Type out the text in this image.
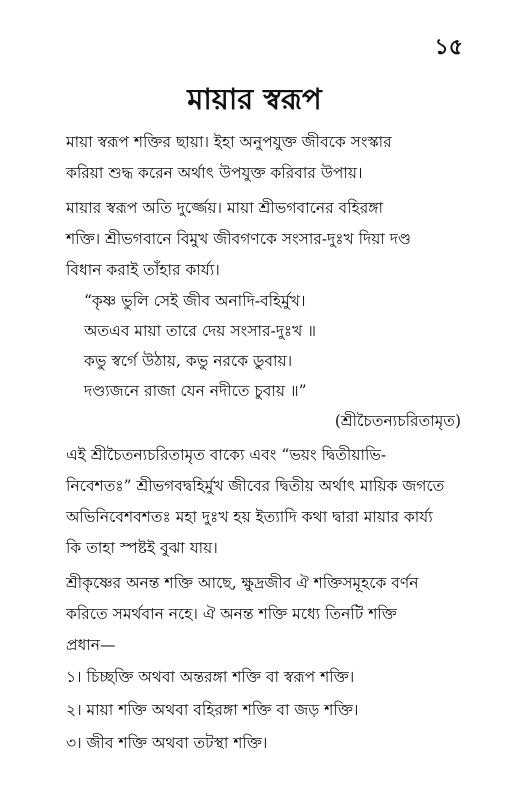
১৫
মায়ার স্বরূপ

মায়া স্বরূপ শক্তির ছায়া। ইহা অনুপযুক্ত জীবকে সংস্কার
করিয়া শুদ্ধ করেন অর্থাৎ উপযুক্ত করিবার উপায়।

মায়ার স্বরূপ অতি দুর্জ্জেয়। মায়া শ্রীভগবানের বহিরঙ্গা
শক্তি। শ্রীভগবানে বিমুখ জীবগণকে সংসার-দুঃখ দিয়া দণ্ড
বিধান করাই তাঁহার কার্য্য।

“কৃষ্ণ ভুলি সেই জীব অনাদি-বহির্মুখ।
অতএব মায়া তারে দেয় সংসার-দুঃখ ॥
কভু স্বর্গে উঠায়, কভু নরকে ডুবায়।
দণ্ড্যজনে রাজা যেন নদীতে চুবায় ॥”

(শ্রীচৈতন্যচরিতামৃত)

এই শ্রীচৈতন্যচরিতামৃত বাক্যে এবং “ভয়ং দ্বিতীয়াভি-
নিবেশতঃ” শ্রীভগবদ্বহির্মুখ জীবের দ্বিতীয় অর্থাৎ মায়িক জগতে
অভিনিবেশবশতঃ মহা দুঃখ হয় ইত্যাদি কথা দ্বারা মায়ার কার্য্য
কি তাহা স্পষ্টই বুঝা যায়।

শ্রীকৃষ্ণের অনন্ত শক্তি আছে, ক্ষুদ্রজীব ঐ শক্তিসমূহকে বর্ণন
করিতে সমর্থবান নহে। ঐ অনন্ত শক্তি মধ্যে তিনটি শক্তি
প্রধান—

১। চিচ্ছক্তি অথবা অন্তরঙ্গা শক্তি বা স্বরূপ শক্তি।
২। মায়া শক্তি অথবা বহিরঙ্গা শক্তি বা জড় শক্তি।
৩। জীব শক্তি অথবা তটস্থা শক্তি।
